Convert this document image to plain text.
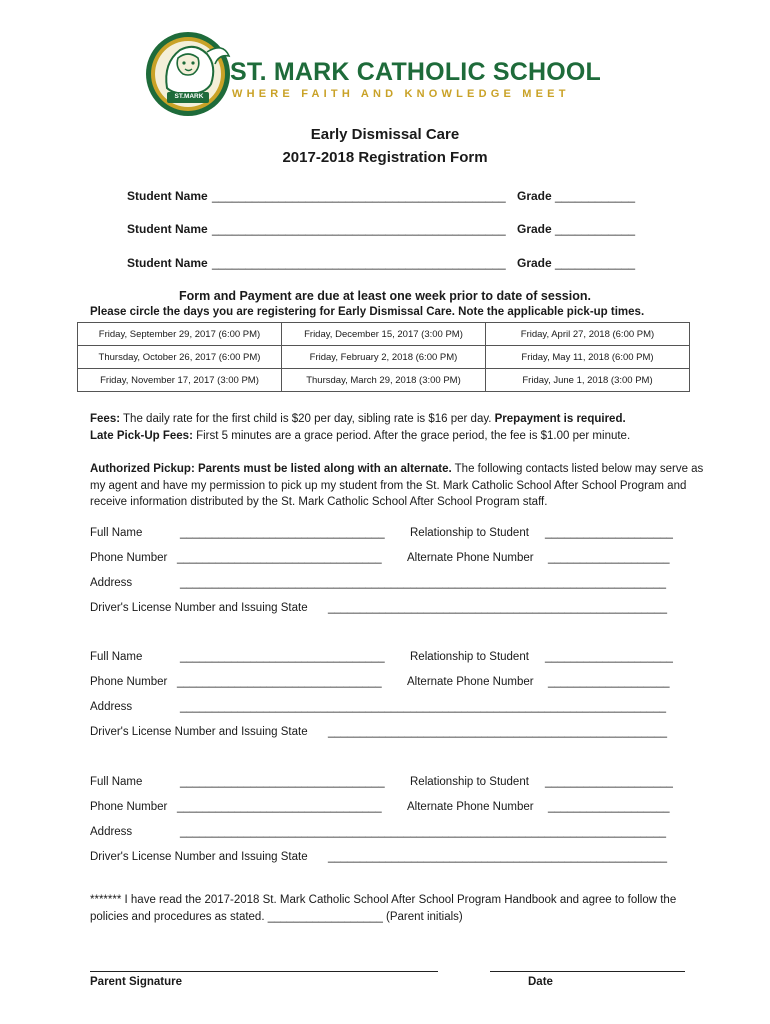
ST.MARK
ST. MARK CATHOLIC SCHOOL
WHERE FAITH AND KNOWLEDGE MEET
Early Dismissal Care
2017-2018 Registration Form
Student Name ____________________________________________ Grade ____________
Student Name ____________________________________________ Grade ____________
Student Name ____________________________________________ Grade ____________
Form and Payment are due at least one week prior to date of session.
Please circle the days you are registering for Early Dismissal Care. Note the applicable pick-up times.
Friday, September 29, 2017 (6:00 PM)	Friday, December 15, 2017 (3:00 PM)	Friday, April 27, 2018 (6:00 PM)
Thursday, October 26, 2017 (6:00 PM)	Friday, February 2, 2018 (6:00 PM)	Friday, May 11, 2018 (6:00 PM)
Friday, November 17, 2017 (3:00 PM)	Thursday, March 29, 2018 (3:00 PM)	Friday, June 1, 2018 (3:00 PM)
Fees: The daily rate for the first child is $20 per day, sibling rate is $16 per day. Prepayment is required.
Late Pick-Up Fees: First 5 minutes are a grace period. After the grace period, the fee is $1.00 per minute.
Authorized Pickup: Parents must be listed along with an alternate. The following contacts listed below may serve as my agent and have my permission to pick up my student from the St. Mark Catholic School After School Program and receive information distributed by the St. Mark Catholic School After School Program staff.
Full Name	________________________________ Relationship to Student ____________________
Phone Number ________________________________ Alternate Phone Number ___________________
Address	____________________________________________________________________________
Driver's License Number and Issuing State _____________________________________________________
Full Name	________________________________ Relationship to Student ____________________
Phone Number ________________________________ Alternate Phone Number ___________________
Address	____________________________________________________________________________
Driver's License Number and Issuing State _____________________________________________________
Full Name	________________________________ Relationship to Student ____________________
Phone Number ________________________________ Alternate Phone Number ___________________
Address	____________________________________________________________________________
Driver's License Number and Issuing State _____________________________________________________
******* I have read the 2017-2018 St. Mark Catholic School After School Program Handbook and agree to follow the policies and procedures as stated. __________________ (Parent initials)
Parent Signature	Date
